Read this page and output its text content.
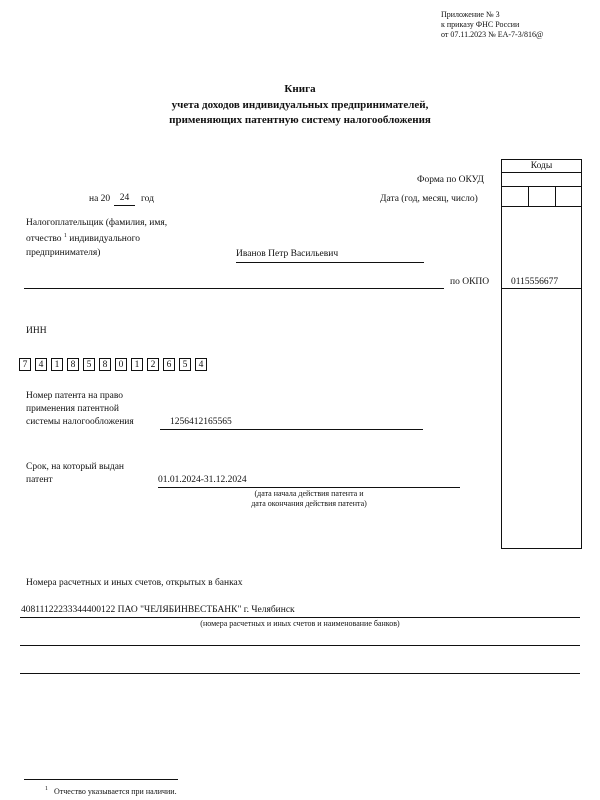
Приложение № 3
к приказу ФНС России
от 07.11.2023 № ЕА-7-3/816@
Книга
учета доходов индивидуальных предпринимателей,
применяющих патентную систему налогообложения
Коды
Форма по ОКУД
Дата (год, месяц, число)
на 20	24	год
Налогоплательщик (фамилия, имя,
отчество $^1$ индивидуального
предпринимателя)	Иванов Петр Васильевич
по ОКПО 0115556677
ИНН
7	4	1	8	5	8	0	1	2	6	5	4
Номер патента на право
применения патентной
системы налогообложения	1256412165565
Срок, на который выдан
патент	01.01.2024-31.12.2024
(дата начала действия патента и
дата окончания действия патента)
Номера расчетных и иных счетов, открытых в банках
40811122233344400122 ПАО "ЧЕЛЯБИНВЕСТБАНК" г. Челябинск
(номера расчетных и иных счетов и наименование банков)
$^1$ Отчество указывается при наличии.
